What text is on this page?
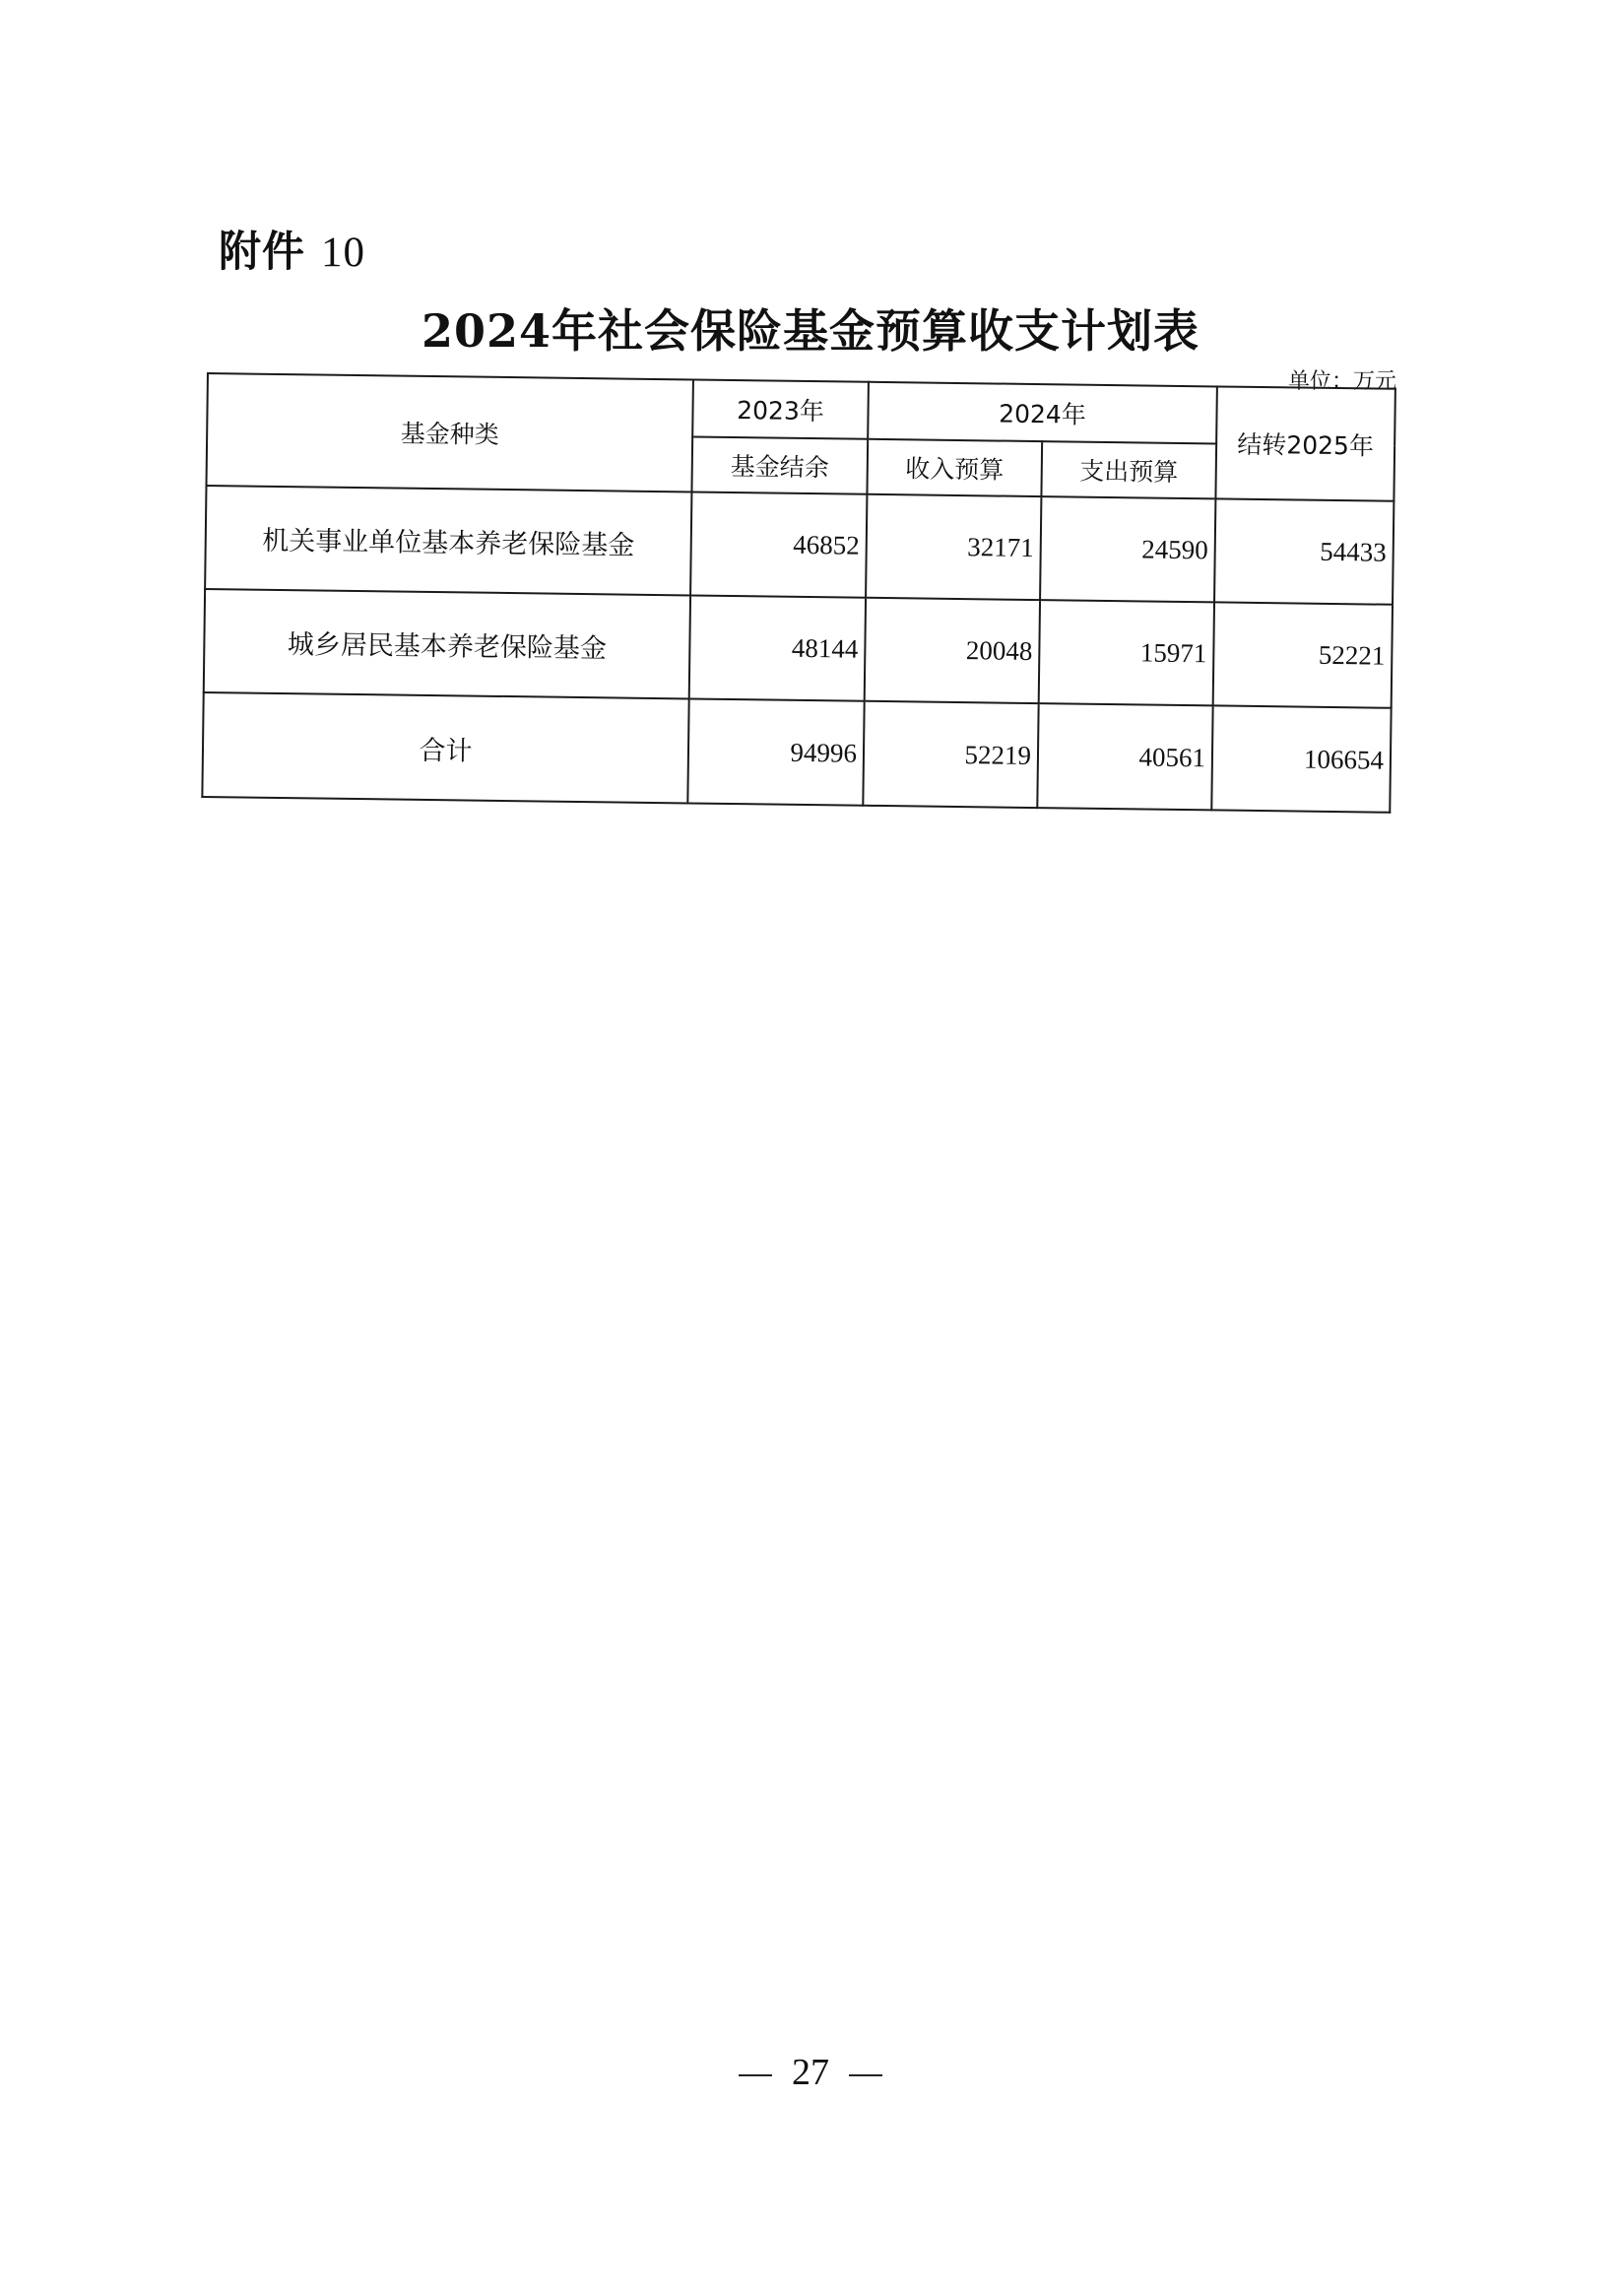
附件 10
2024年社会保险基金预算收支计划表
单位：万元
基金种类	2023年	2024年		结转2025年
	基金结余	收入预算	支出预算	
机关事业单位基本养老保险基金	46852	32171	24590	54433
城乡居民基本养老保险基金	48144	20048	15971	52221
合计	94996	52219	40561	106654
27
